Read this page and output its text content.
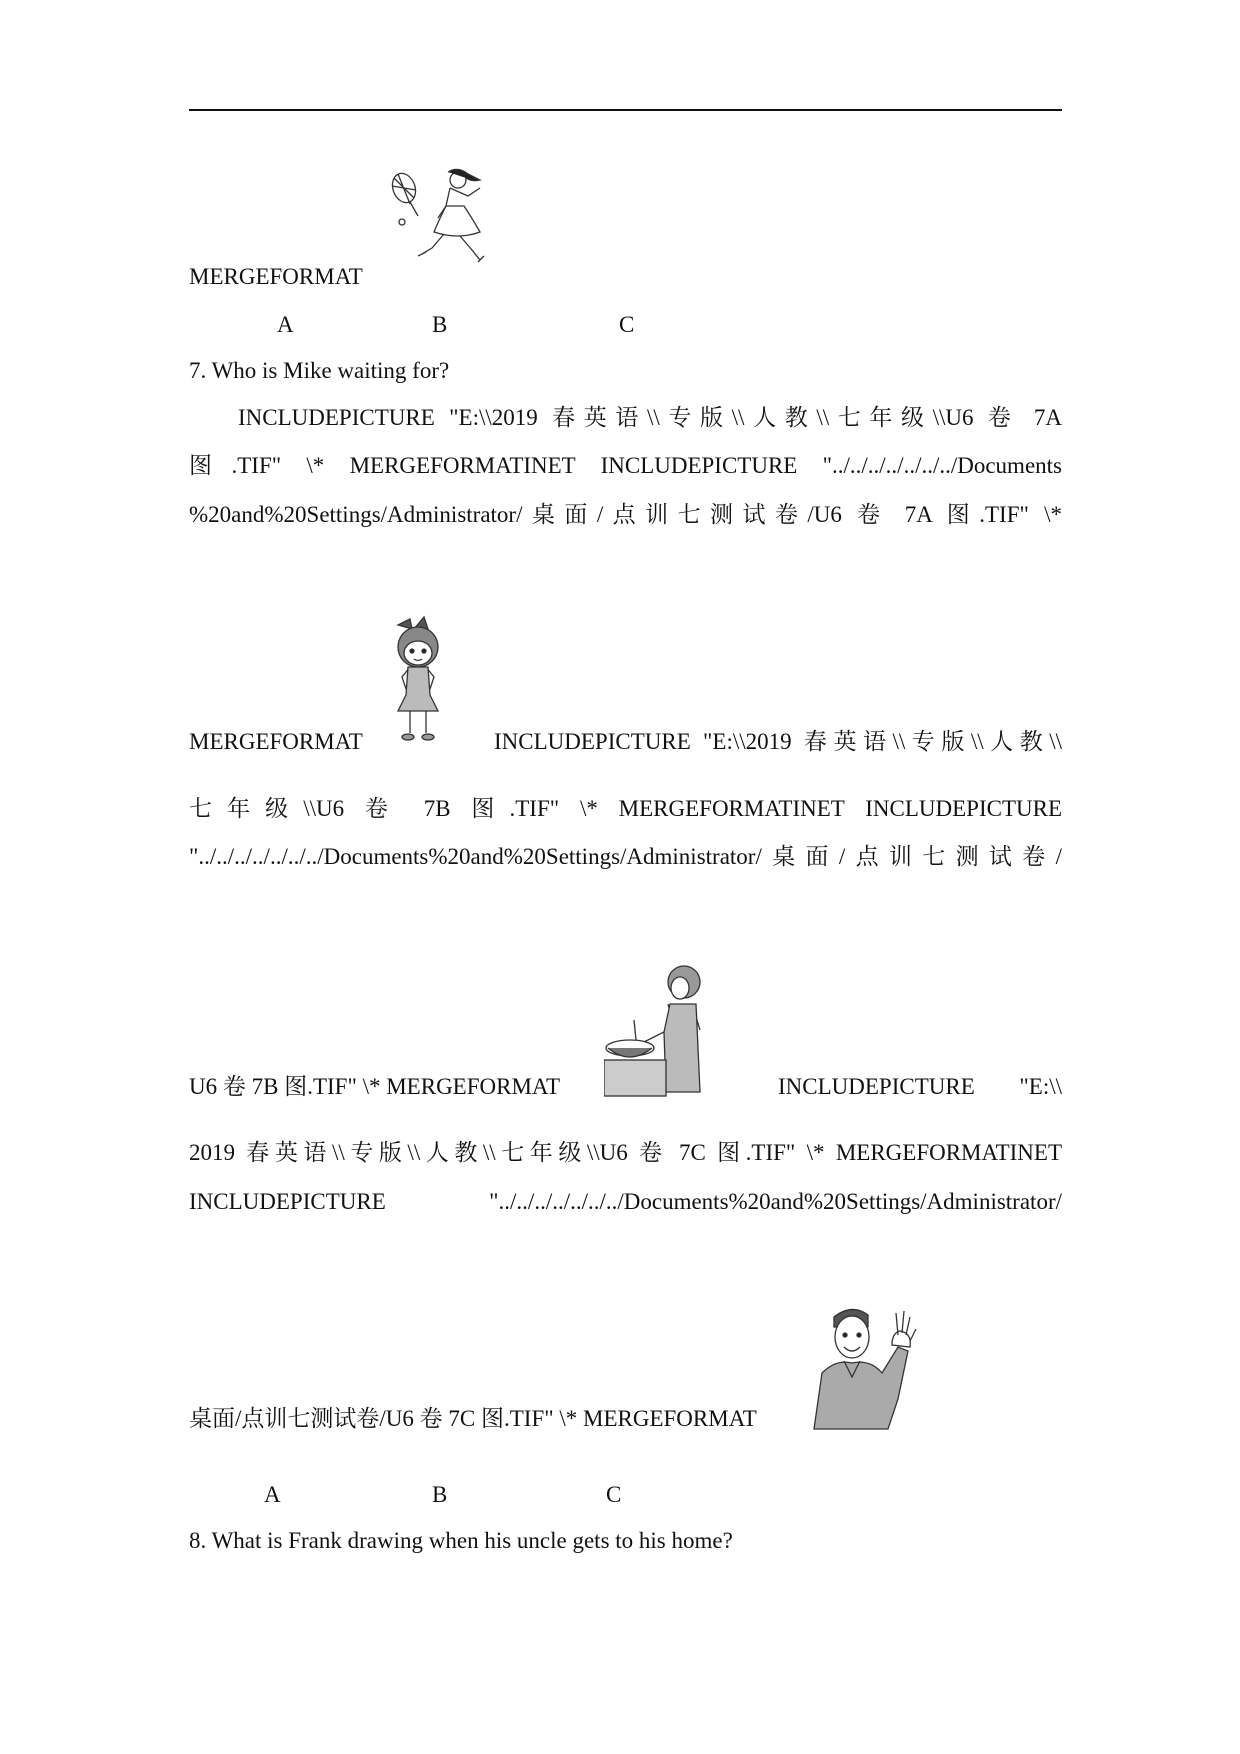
MERGEFORMAT
A	B	C
7. Who is Mike waiting for?
INCLUDEPICTURE "E:\\2019 春英语\\专版\\人教\\七年级\\U6 卷 7A
图.TIF" \* MERGEFORMATINET INCLUDEPICTURE "../../../../../../../Documents
%20and%20Settings/Administrator/桌面/点训七测试卷/U6 卷 7A 图.TIF" \*
MERGEFORMAT	INCLUDEPICTURE "E:\\2019 春英语\\专版\\人教\\
七年级\\U6 卷 7B 图.TIF" \* MERGEFORMATINET INCLUDEPICTURE
"../../../../../../../Documents%20and%20Settings/Administrator/桌面/点训七测试卷/
U6 卷 7B 图.TIF" \* MERGEFORMAT	INCLUDEPICTURE "E:\\
2019 春英语\\专版\\人教\\七年级\\U6 卷 7C 图.TIF" \* MERGEFORMATINET
INCLUDEPICTURE "../../../../../../../Documents%20and%20Settings/Administrator/
桌面/点训七测试卷/U6 卷 7C 图.TIF" \* MERGEFORMAT
A	B	C
8. What is Frank drawing when his uncle gets to his home?
